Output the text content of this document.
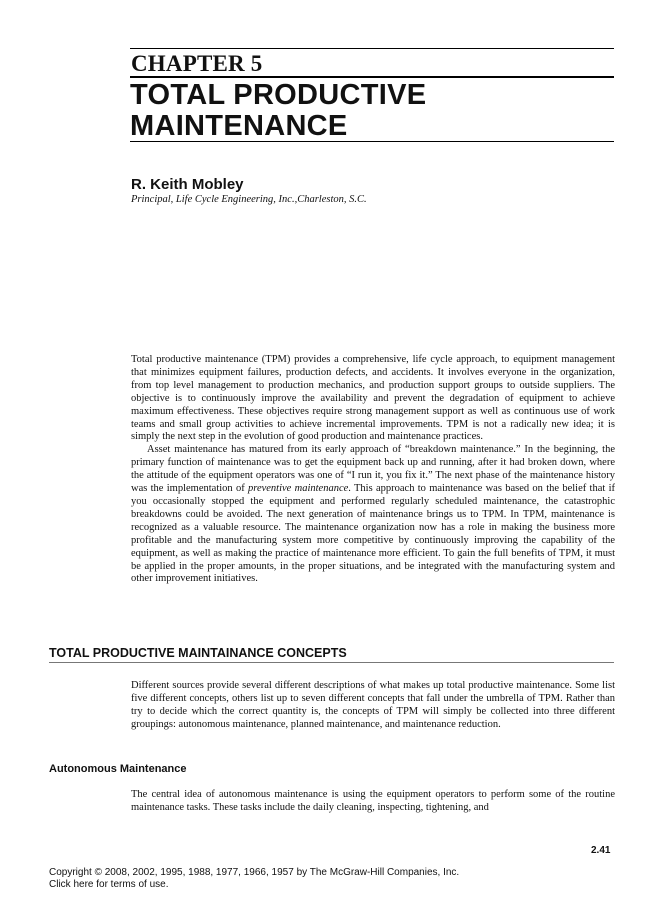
CHAPTER 5
TOTAL PRODUCTIVE
MAINTENANCE
R. Keith Mobley
Principal, Life Cycle Engineering, Inc.,Charleston, S.C.

Total productive maintenance (TPM) provides a comprehensive, life cycle approach, to equipment management that minimizes equipment failures, production defects, and accidents. It involves everyone in the organization, from top level management to production mechanics, and production support groups to outside suppliers. The objective is to continuously improve the availability and prevent the degradation of equipment to achieve maximum effectiveness. These objectives require strong management support as well as continuous use of work teams and small group activities to achieve incremental improvements. TPM is not a radically new idea; it is simply the next step in the evolution of good production and maintenance practices.

Asset maintenance has matured from its early approach of “breakdown maintenance.” In the beginning, the primary function of maintenance was to get the equipment back up and running, after it had broken down, where the attitude of the equipment operators was one of “I run it, you fix it.” The next phase of the maintenance history was the implementation of preventive maintenance. This approach to maintenance was based on the belief that if you occasionally stopped the equipment and performed regularly scheduled maintenance, the catastrophic breakdowns could be avoided. The next generation of maintenance brings us to TPM. In TPM, maintenance is recognized as a valuable resource. The maintenance organization now has a role in making the business more profitable and the manufacturing system more competitive by continuously improving the capability of the equipment, as well as making the practice of maintenance more efficient. To gain the full benefits of TPM, it must be applied in the proper amounts, in the proper situations, and be integrated with the manufacturing system and other improvement initiatives.

TOTAL PRODUCTIVE MAINTAINANCE CONCEPTS

Different sources provide several different descriptions of what makes up total productive maintenance. Some list five different concepts, others list up to seven different concepts that fall under the umbrella of TPM. Rather than try to decide which the correct quantity is, the concepts of TPM will simply be collected into three different groupings: autonomous maintenance, planned maintenance, and maintenance reduction.

Autonomous Maintenance

The central idea of autonomous maintenance is using the equipment operators to perform some of the routine maintenance tasks. These tasks include the daily cleaning, inspecting, tightening, and

2.41
Copyright © 2008, 2002, 1995, 1988, 1977, 1966, 1957 by The McGraw-Hill Companies, Inc.
Click here for terms of use.
